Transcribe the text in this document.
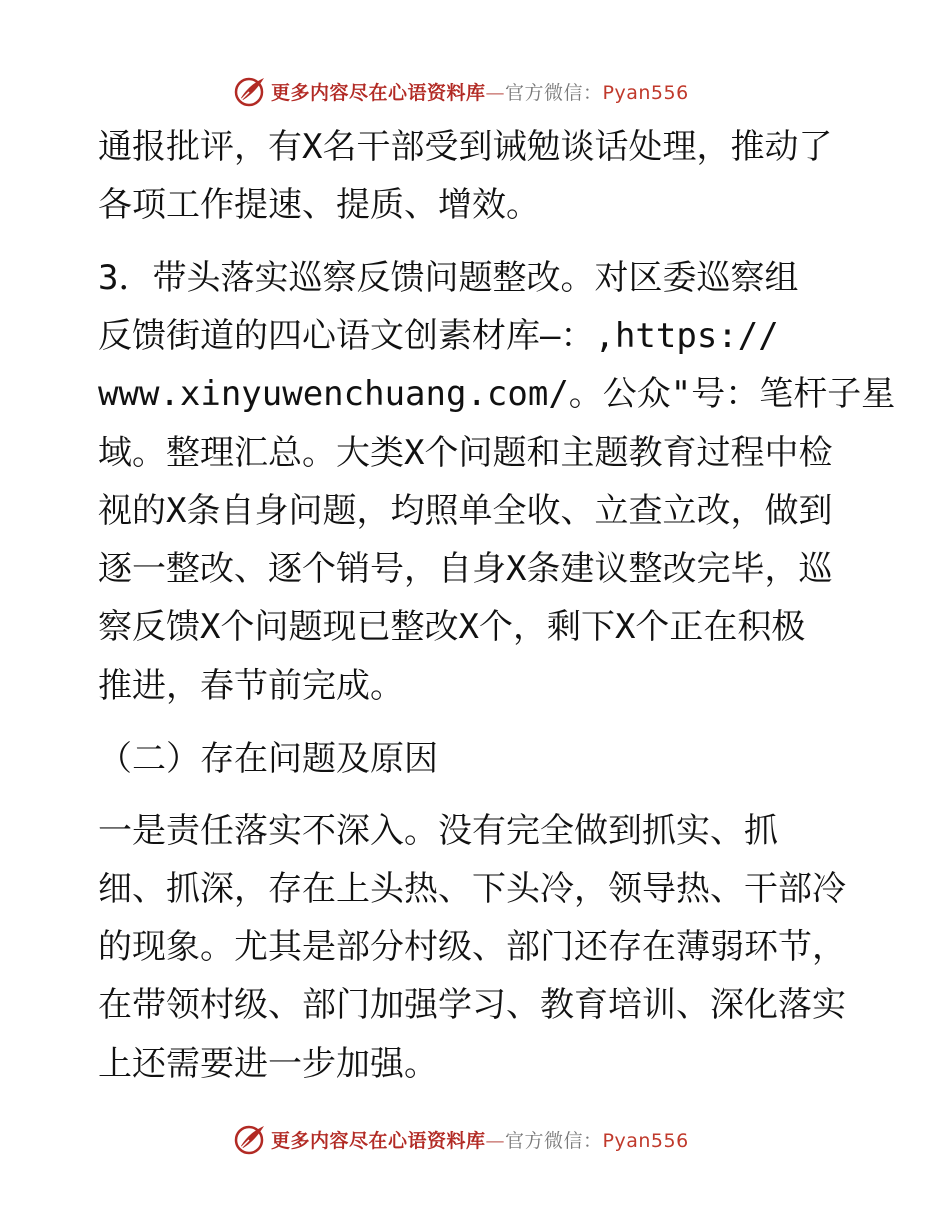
更多内容尽在心语资料库—官方微信：Pyan556
通报批评，有X名干部受到诫勉谈话处理，推动了
各项工作提速、提质、增效。
3．带头落实巡察反馈问题整改。对区委巡察组
反馈街道的四心语文创素材库—：,https://
www.xinyuwenchuang.com/。公众"号：笔杆子星
域。整理汇总。大类X个问题和主题教育过程中检
视的X条自身问题，均照单全收、立查立改，做到
逐一整改、逐个销号，自身X条建议整改完毕，巡
察反馈X个问题现已整改X个，剩下X个正在积极
推进，春节前完成。
（二）存在问题及原因
一是责任落实不深入。没有完全做到抓实、抓
细、抓深，存在上头热、下头冷，领导热、干部冷
的现象。尤其是部分村级、部门还存在薄弱环节，
在带领村级、部门加强学习、教育培训、深化落实
上还需要进一步加强。
更多内容尽在心语资料库—官方微信：Pyan556
